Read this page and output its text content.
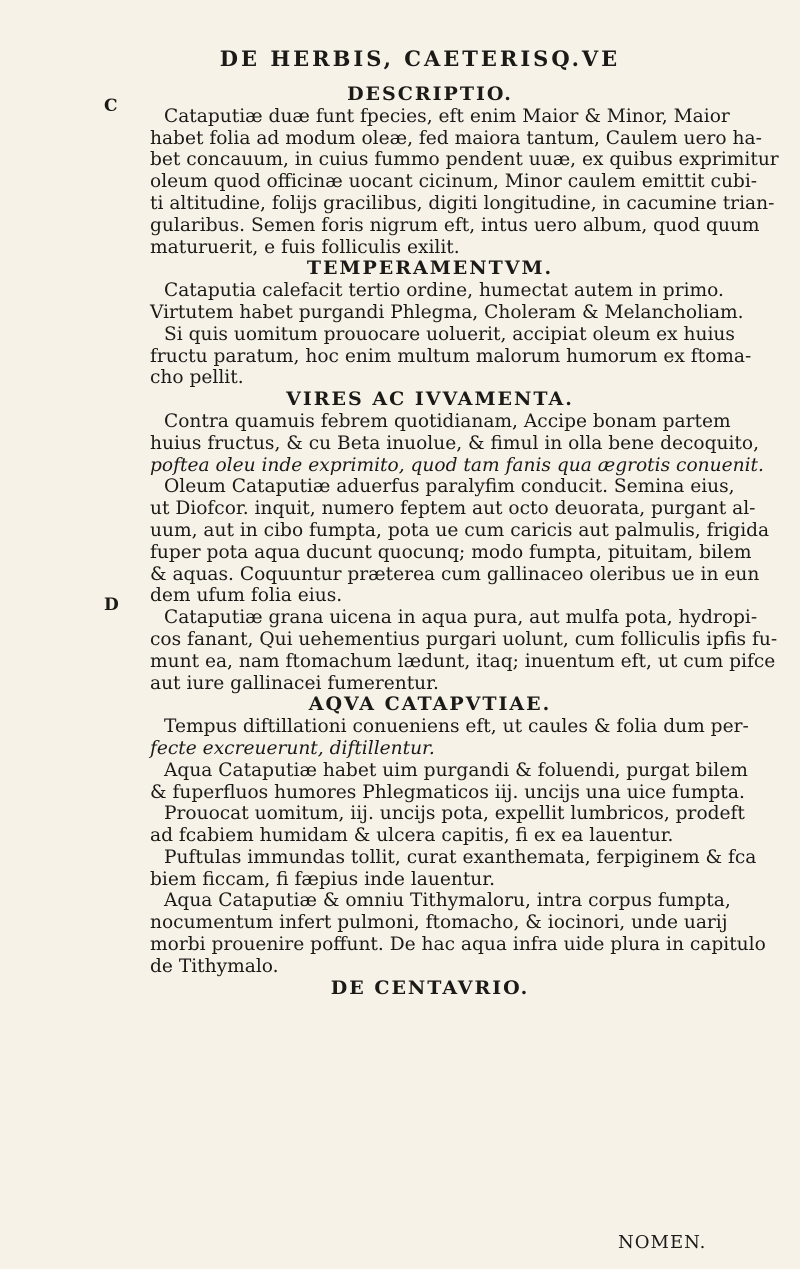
DE HERBIS, CAETERISQ.VE
C
D
DESCRIPTIO.
Cataputiæ duæ funt fpecies, eft enim Maior & Minor, Maior
habet folia ad modum oleæ, fed maiora tantum, Caulem uero ha-
bet concauum, in cuius fummo pendent uuæ, ex quibus exprimitur
oleum quod officinæ uocant cicinum, Minor caulem emittit cubi-
ti altitudine, folijs gracilibus, digiti longitudine, in cacumine trian-
gularibus. Semen foris nigrum eft, intus uero album, quod quum
maturuerit, e fuis folliculis exilit.
TEMPERAMENTVM.
Cataputia calefacit tertio ordine, humectat autem in primo.
Virtutem habet purgandi Phlegma, Choleram & Melancholiam.
Si quis uomitum prouocare uoluerit, accipiat oleum ex huius
fructu paratum, hoc enim multum malorum humorum ex ftoma-
cho pellit.
VIRES AC IVVAMENTA.
Contra quamuis febrem quotidianam, Accipe bonam partem
huius fructus, & cu Beta inuolue, & fimul in olla bene decoquito,
poftea oleu inde exprimito, quod tam fanis qua ægrotis conuenit.
Oleum Cataputiæ aduerfus paralyfim conducit. Semina eius,
ut Diofcor. inquit, numero feptem aut octo deuorata, purgant al-
uum, aut in cibo fumpta, pota ue cum caricis aut palmulis, frigida
fuper pota aqua ducunt quocunq; modo fumpta, pituitam, bilem
& aquas. Coquuntur præterea cum gallinaceo oleribus ue in eun
dem ufum folia eius.
Cataputiæ grana uicena in aqua pura, aut mulfa pota, hydropi-
cos fanant, Qui uehementius purgari uolunt, cum folliculis ipfis fu-
munt ea, nam ftomachum lædunt, itaq; inuentum eft, ut cum pifce
aut iure gallinacei fumerentur.
AQVA CATAPVTIAE.
Tempus diftillationi conueniens eft, ut caules & folia dum per-
fecte excreuerunt, diftillentur.
Aqua Cataputiæ habet uim purgandi & foluendi, purgat bilem
& fuperfluos humores Phlegmaticos iij. uncijs una uice fumpta.
Prouocat uomitum, iij. uncijs pota, expellit lumbricos, prodeft
ad fcabiem humidam & ulcera capitis, fi ex ea lauentur.
Puftulas immundas tollit, curat exanthemata, ferpiginem & fca
biem ficcam, fi fæpius inde lauentur.
Aqua Cataputiæ & omniu Tithymaloru, intra corpus fumpta,
nocumentum infert pulmoni, ftomacho, & iocinori, unde uarij
morbi prouenire poffunt. De hac aqua infra uide plura in capitulo
de Tithymalo.
DE CENTAVRIO.
NOMEN.
